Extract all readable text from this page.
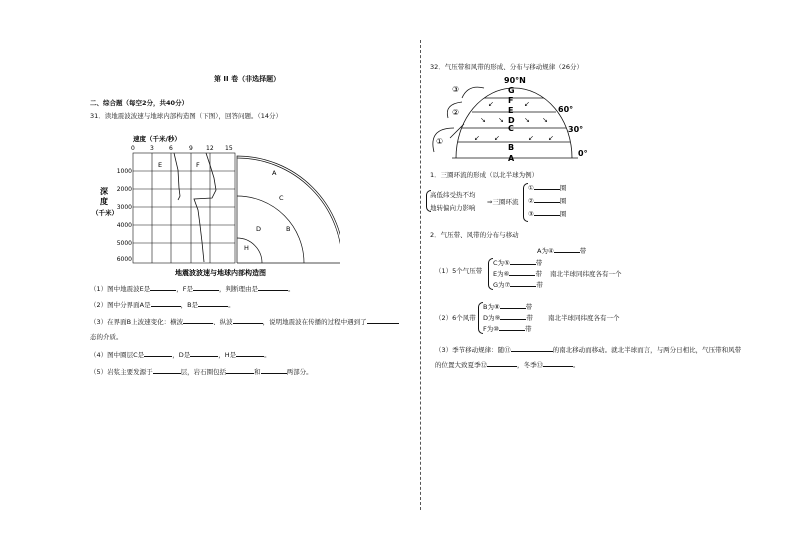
第 II 卷（非选择题）
二、综合题（每空2分，共40分）
31．读地震波波速与地球内部构造图（下图），回答问题。（14分）
速度（千米/秒）
0	3	6	9 12 15
深
度
（千米）
1000
2000
3000
4000
5000
6000
E	F
A
C
D	B
H
地震波波速与地球内部构造图
（1）图中地震波E是	，F是	，判断理由是	。
（2）图中分界面A是	，B是	。
（3）在界面B上波速变化：横波	、纵波	，说明地震波在传播的过程中遇到了
态的介质。
（4）图中圈层C是	，D是	，H是	。
（5）岩浆主要发源于	层，岩石圈包括	和	两部分。
32．气压带和风带的形成、分布与移动规律（26分）
G
F
E
D
C
B
A
90°N
60°
30°
0°
③
②
①
↙	↙
↘ ↘	↘ ↘
↙ ↙	↙ ↙
1．三圈环流的形成（以北半球为例）
高低纬受热不均
地转偏向力影响
⇒三圈环流
①	圈
②	圈
③	圈
2．气压带、风带的分布与移动
A为④	带
（1）5个气压带
C为⑤	带
E为⑥	带
G为⑦	带
南北半球同纬度各有一个
（2）6个风带
B为⑧	带
D为⑨	带
F为⑩	带
南北半球同纬度各有一个
（3）季节移动规律：随⑪	的南北移动而移动。就北半球而言，与两分日相比，气压带和风带
的位置大致夏季⑫	，冬季⑬	。
